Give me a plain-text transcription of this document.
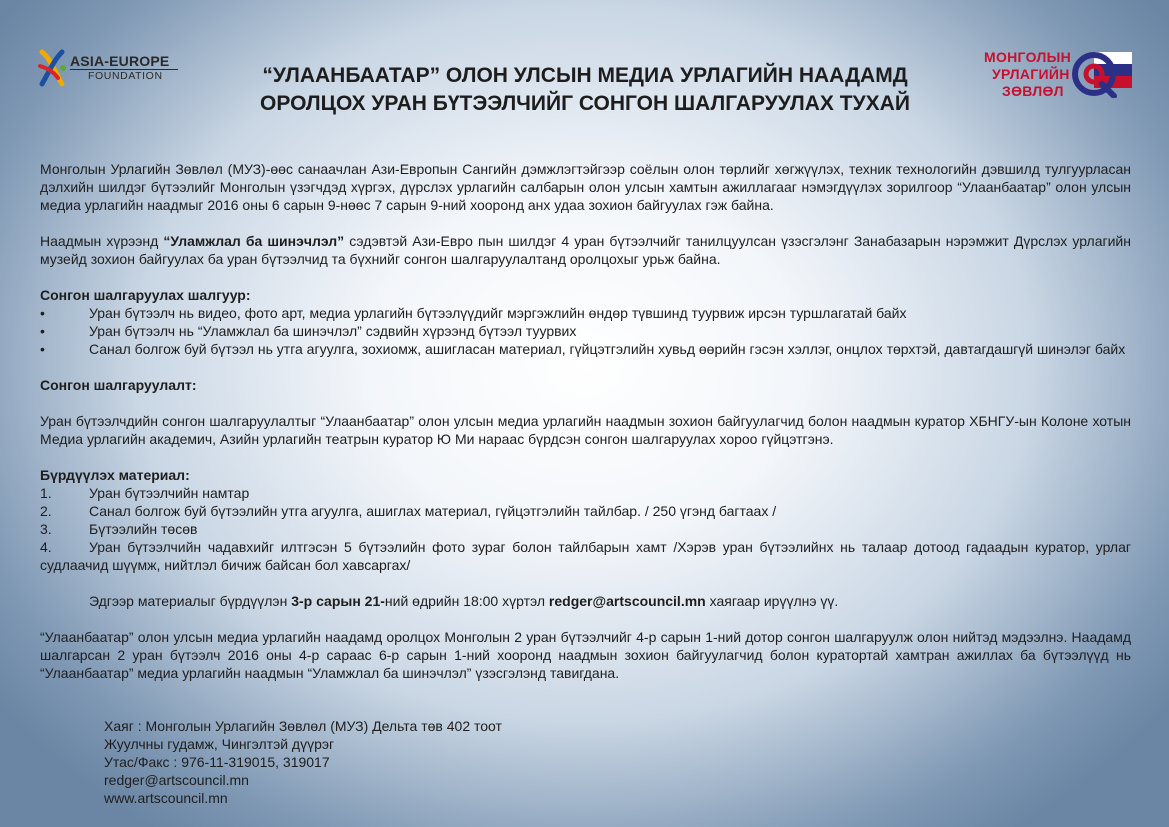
ASIA-EUROPE
FOUNDATION	“УЛААНБААТАР” ОЛОН УЛСЫН МЕДИА УРЛАГИЙН НААДАМД
ОРОЛЦОХ УРАН БҮТЭЭЛЧИЙГ СОНГОН ШАЛГАРУУЛАХ ТУХАЙ
МОНГОЛЫН
УРЛАГИЙН
ЗӨВЛӨЛ

Монголын Урлагийн Зөвлөл (МУЗ)-өөс санаачлан Ази-Европын Сангийн дэмжлэгтэйгээр соёлын олон төрлийг хөгжүүлэх, техник технологийн дэвшилд тулгуурласан дэлхийн шилдэг бүтээлийг Монголын үзэгчдэд хүргэх, дүрслэх урлагийн салбарын олон улсын хамтын ажиллагааг нэмэгдүүлэх зорилгоор “Улаанбаатар” олон улсын медиа урлагийн наадмыг 2016 оны 6 сарын 9-нөөс 7 сарын 9-ний хооронд анх удаа зохион байгуулах гэж байна.

Наадмын хүрээнд “Уламжлал ба шинэчлэл” сэдэвтэй Ази-Евро пын шилдэг 4 уран бүтээлчийг танилцуулсан үзэсгэлэнг Занабазарын нэрэмжит Дүрслэх урлагийн музейд зохион байгуулах ба уран бүтээлчид та бүхнийг сонгон шалгаруулалтанд оролцохыг урьж байна.

Сонгон шалгаруулах шалгуур:

•	Уран бүтээлч нь видео, фото арт, медиа урлагийн бүтээлүүдийг мэргэжлийн өндөр түвшинд туурвиж ирсэн туршлагатай байх
•	Уран бүтээлч нь “Уламжлал ба шинэчлэл” сэдвийн хүрээнд бүтээл туурвих

•	Санал болгож буй бүтээл нь утга агуулга, зохиомж, ашигласан материал, гүйцэтгэлийн хувьд өөрийн гэсэн хэллэг, онцлох төрхтэй, давтагдашгүй шинэлэг байх

Сонгон шалгаруулалт:

Уран бүтээлчдийн сонгон шалгаруулалтыг “Улаанбаатар” олон улсын медиа урлагийн наадмын зохион байгуулагчид болон наадмын куратор ХБНГУ-ын Колоне хотын Медиа урлагийн академич, Азийн урлагийн театрын куратор Ю Ми нараас бүрдсэн сонгон шалгаруулах хороо гүйцэтгэнэ.

Бүрдүүлэх материал:

1.	Уран бүтээлчийн намтар
2.	Санал болгож буй бүтээлийн утга агуулга, ашиглах материал, гүйцэтгэлийн тайлбар. / 250 үгэнд багтаах /
3.	Бүтээлийн төсөв

4.	Уран бүтээлчийн чадавхийг илтгэсэн 5 бүтээлийн фото зураг болон тайлбарын хамт /Хэрэв уран бүтээлийнх нь талаар дотоод гадаадын куратор, урлаг судлаачид шүүмж, нийтлэл бичиж байсан бол хавсаргах/

Эдгээр материалыг бүрдүүлэн 3-р сарын 21-ний өдрийн 18:00 хүртэл redger@artscouncil.mn хаягаар ирүүлнэ үү.

“Улаанбаатар” олон улсын медиа урлагийн наадамд оролцох Монголын 2 уран бүтээлчийг 4-р сарын 1-ний дотор сонгон шалгаруулж олон нийтэд мэдээлнэ. Наадамд шалгарсан 2 уран бүтээлч 2016 оны 4-р сараас 6-р сарын 1-ний хооронд наадмын зохион байгуулагчид болон куратортай хамтран ажиллах ба бүтээлүүд нь “Улаанбаатар” медиа урлагийн наадмын “Уламжлал ба шинэчлэл” үзэсгэлэнд тавигдана.

Хаяг : Монголын Урлагийн Зөвлөл (МУЗ) Дельта төв 402 тоот
Жуулчны гудамж, Чингэлтэй дүүрэг
Утас/Факс : 976-11-319015, 319017
redger@artscouncil.mn
www.artscouncil.mn
